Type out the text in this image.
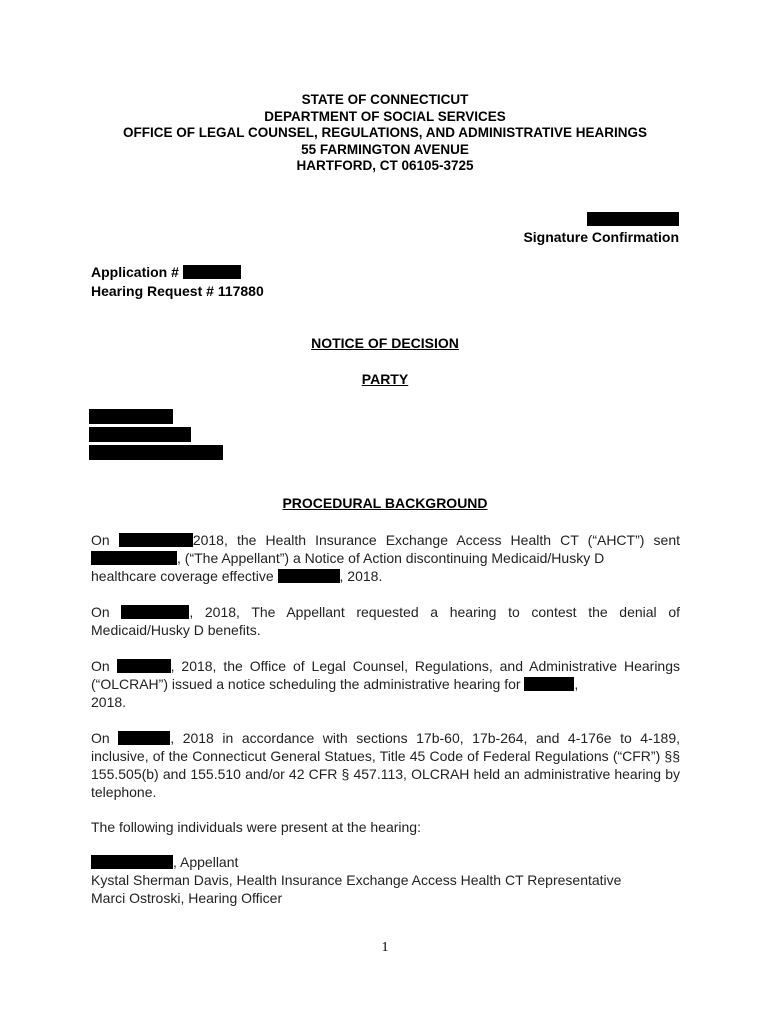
STATE OF CONNECTICUT
DEPARTMENT OF SOCIAL SERVICES
OFFICE OF LEGAL COUNSEL, REGULATIONS, AND ADMINISTRATIVE HEARINGS
55 FARMINGTON AVENUE
HARTFORD, CT 06105-3725
Signature Confirmation
Application #
Hearing Request # 117880
NOTICE OF DECISION
PARTY
PROCEDURAL BACKGROUND
On	2018, the Health Insurance Exchange Access Health CT (“AHCT”) sent , (“The Appellant”) a Notice of Action discontinuing Medicaid/Husky D
healthcare coverage effective	, 2018.
On	, 2018, The Appellant requested a hearing to contest the denial of Medicaid/Husky D benefits.
On	, 2018, the Office of Legal Counsel, Regulations, and Administrative Hearings (“OLCRAH”) issued a notice scheduling the administrative hearing for	,
2018.
On	, 2018 in accordance with sections 17b-60, 17b-264, and 4-176e to 4-189, inclusive, of the Connecticut General Statues, Title 45 Code of Federal Regulations (“CFR”) §§ 155.505(b) and 155.510 and/or 42 CFR § 457.113, OLCRAH held an administrative hearing by telephone.
The following individuals were present at the hearing:
, Appellant
Kystal Sherman Davis, Health Insurance Exchange Access Health CT Representative
Marci Ostroski, Hearing Officer
1
